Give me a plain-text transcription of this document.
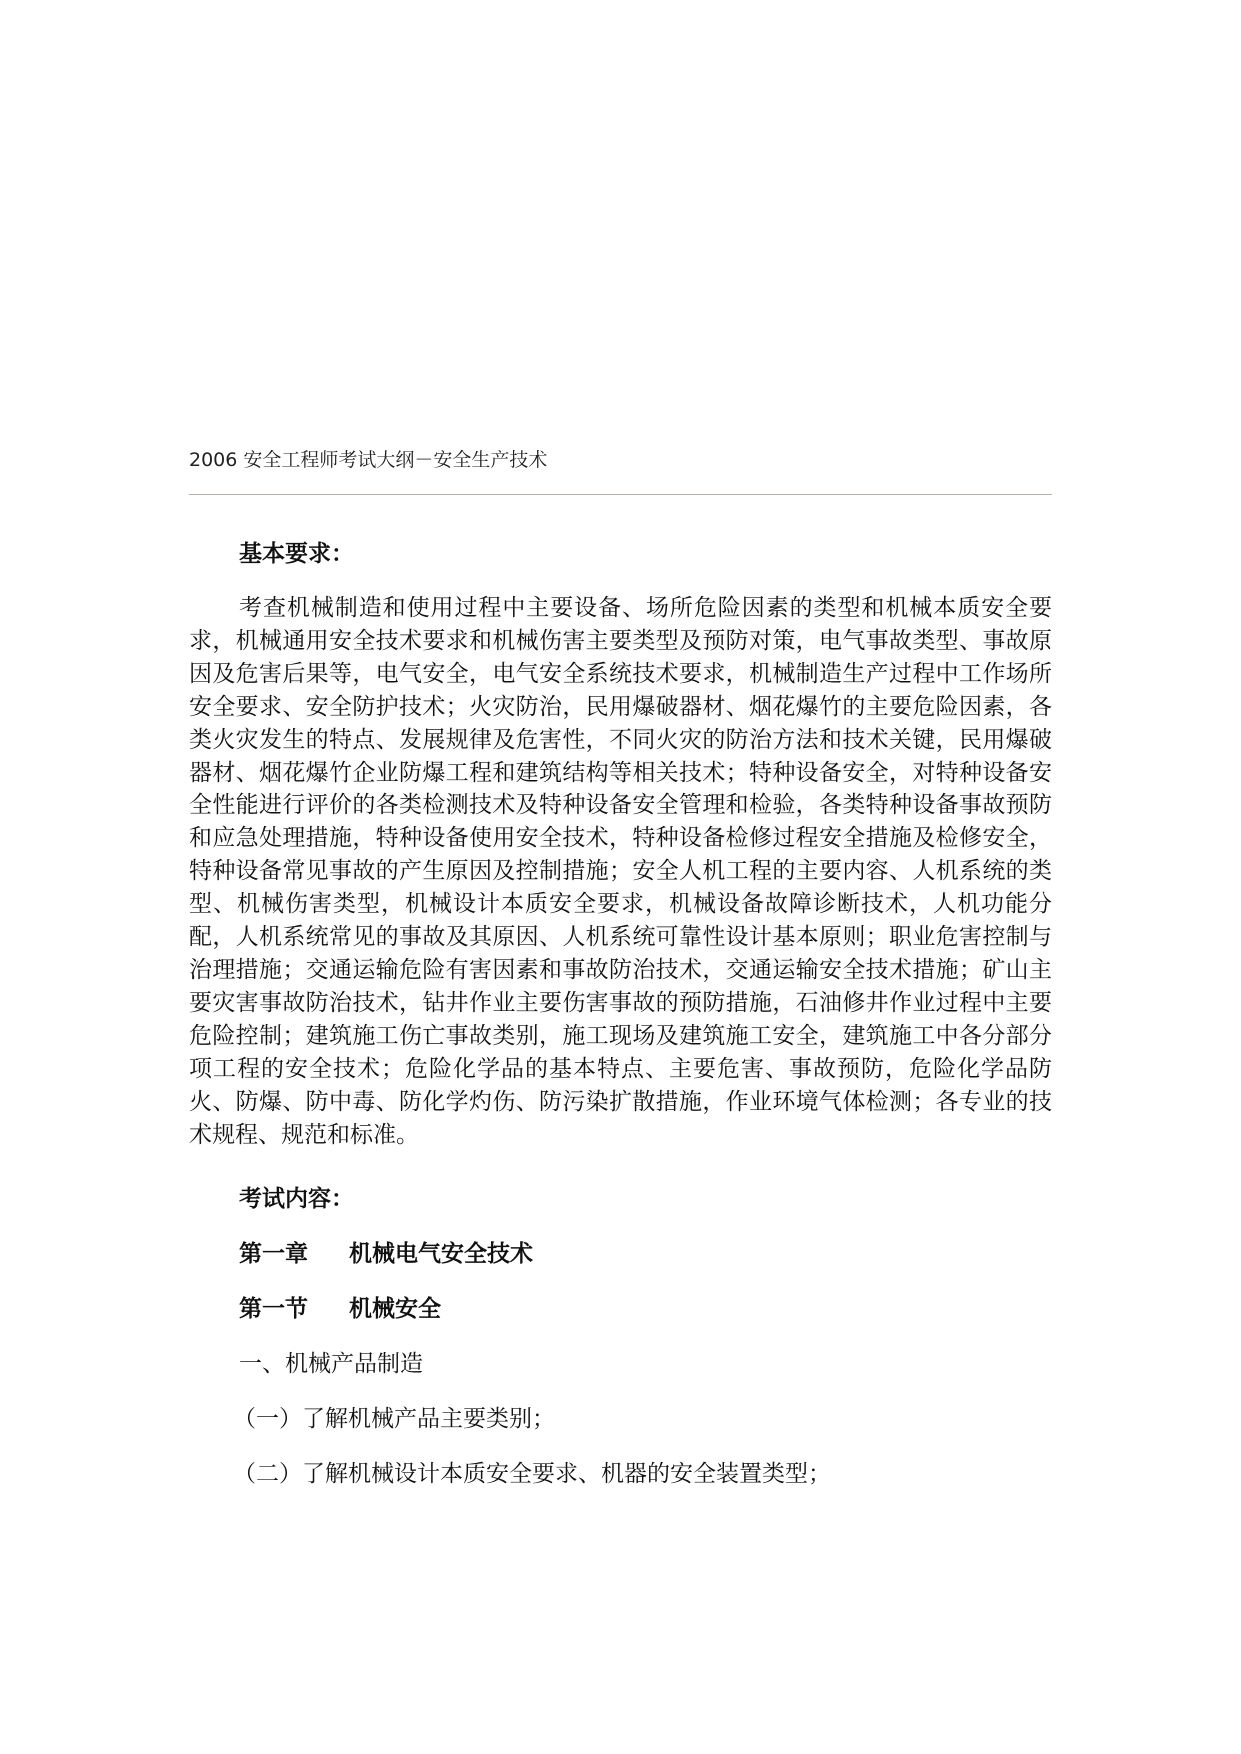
2006 安全工程师考试大纲－安全生产技术

基本要求：

考查机械制造和使用过程中主要设备、场所危险因素的类型和机械本质安全要求，机械通用安全技术要求和机械伤害主要类型及预防对策，电气事故类型、事故原因及危害后果等，电气安全，电气安全系统技术要求，机械制造生产过程中工作场所安全要求、安全防护技术；火灾防治，民用爆破器材、烟花爆竹的主要危险因素，各类火灾发生的特点、发展规律及危害性，不同火灾的防治方法和技术关键，民用爆破器材、烟花爆竹企业防爆工程和建筑结构等相关技术；特种设备安全，对特种设备安全性能进行评价的各类检测技术及特种设备安全管理和检验，各类特种设备事故预防和应急处理措施，特种设备使用安全技术，特种设备检修过程安全措施及检修安全，特种设备常见事故的产生原因及控制措施；安全人机工程的主要内容、人机系统的类型、机械伤害类型，机械设计本质安全要求，机械设备故障诊断技术，人机功能分配，人机系统常见的事故及其原因、人机系统可靠性设计基本原则；职业危害控制与治理措施；交通运输危险有害因素和事故防治技术，交通运输安全技术措施；矿山主要灾害事故防治技术，钻井作业主要伤害事故的预防措施，石油修井作业过程中主要危险控制；建筑施工伤亡事故类别，施工现场及建筑施工安全，建筑施工中各分部分项工程的安全技术；危险化学品的基本特点、主要危害、事故预防，危险化学品防火、防爆、防中毒、防化学灼伤、防污染扩散措施，作业环境气体检测；各专业的技术规程、规范和标准。

考试内容：

第一章 机械电气安全技术

第一节 机械安全

一、机械产品制造

（一）了解机械产品主要类别；

（二）了解机械设计本质安全要求、机器的安全装置类型；
